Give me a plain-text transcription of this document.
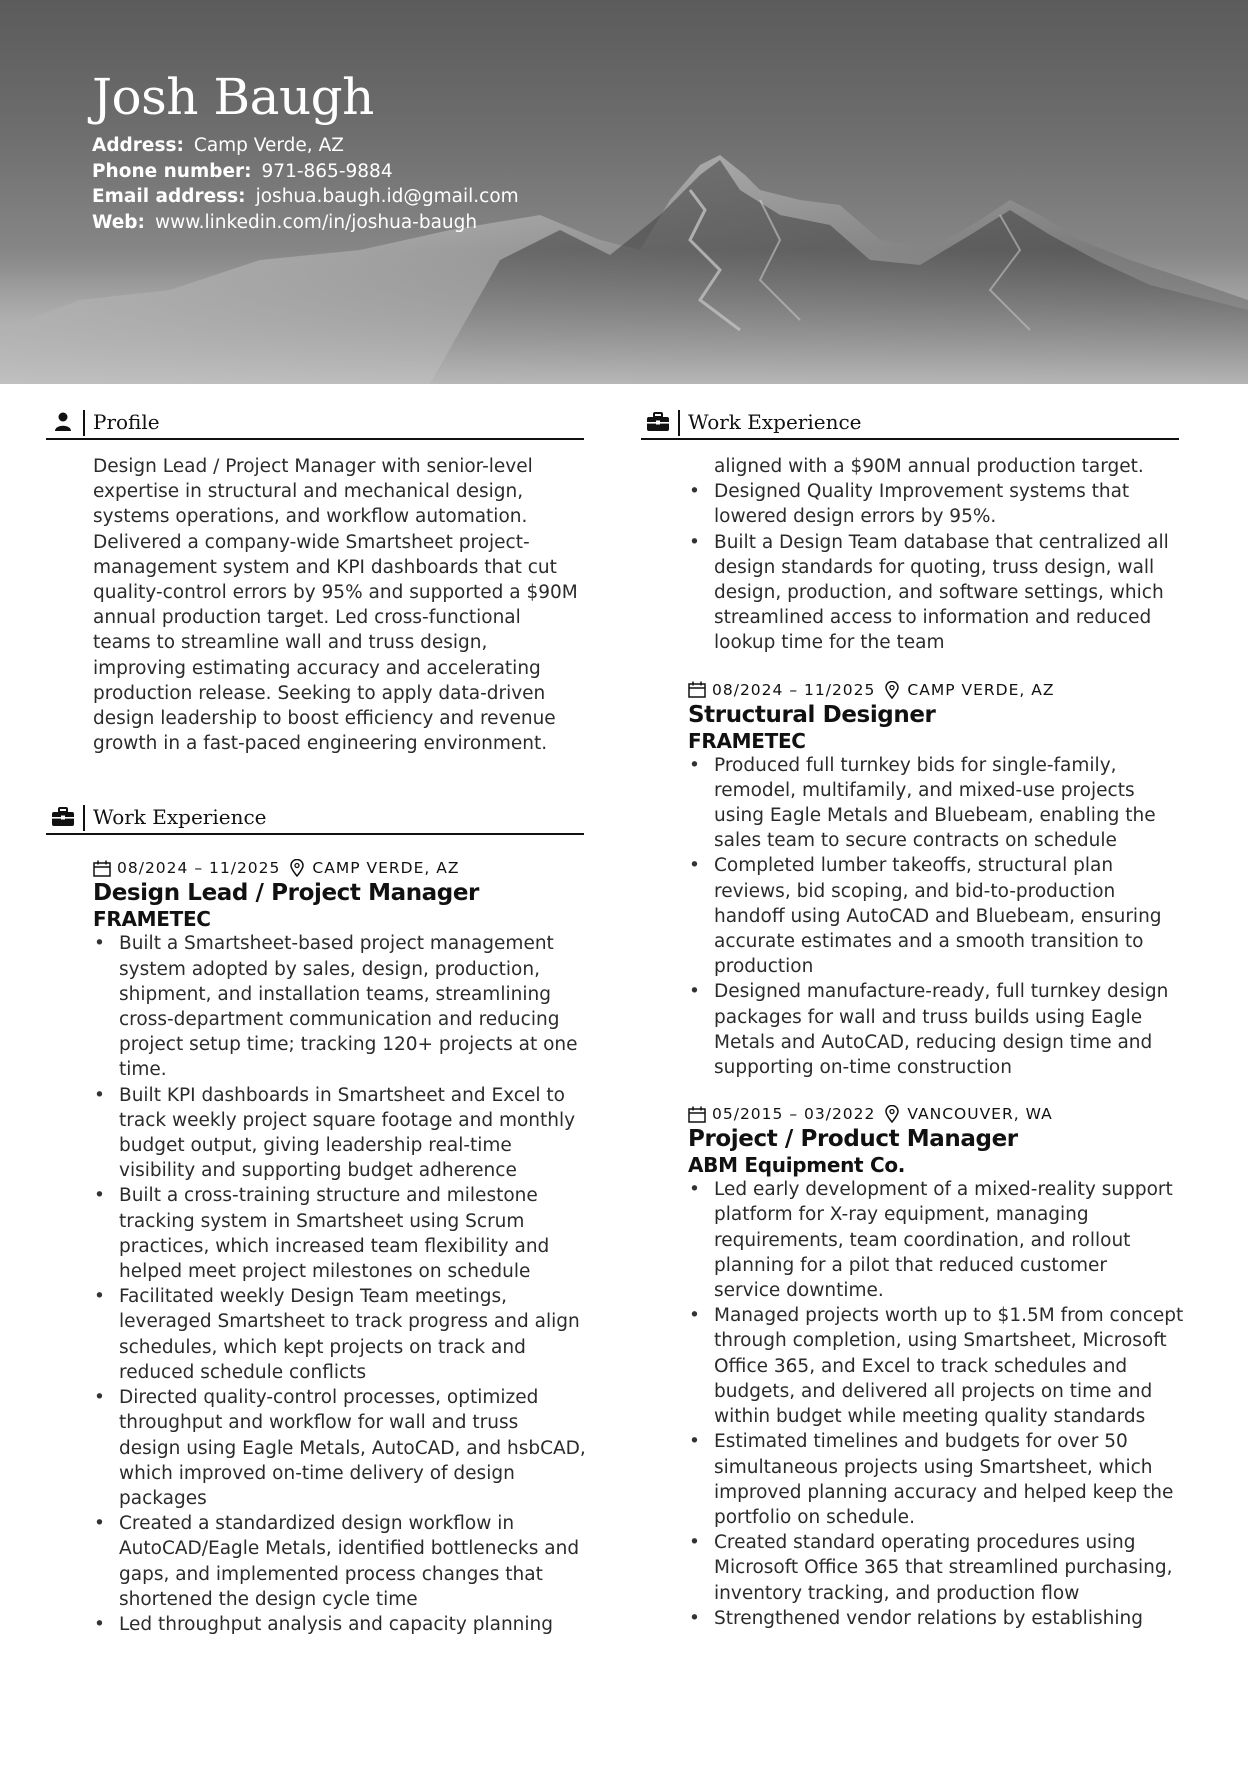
Josh Baugh
Address: Camp Verde, AZ
Phone number: 971-865-9884
Email address: joshua.baugh.id@gmail.com
Web: www.linkedin.com/in/joshua-baugh
Profile
Design Lead / Project Manager with senior-level
expertise in structural and mechanical design,
systems operations, and workflow automation.
Delivered a company-wide Smartsheet project-
management system and KPI dashboards that cut
quality-control errors by 95% and supported a $90M
annual production target. Led cross-functional
teams to streamline wall and truss design,
improving estimating accuracy and accelerating
production release. Seeking to apply data-driven
design leadership to boost efficiency and revenue
growth in a fast-paced engineering environment.
Work Experience
08/2024 – 11/2025 CAMP VERDE, AZ
Design Lead / Project Manager
FRAMETEC
• Built a Smartsheet-based project management
system adopted by sales, design, production,
shipment, and installation teams, streamlining
cross-department communication and reducing
project setup time; tracking 120+ projects at one
time.
• Built KPI dashboards in Smartsheet and Excel to
track weekly project square footage and monthly
budget output, giving leadership real-time
visibility and supporting budget adherence
• Built a cross-training structure and milestone
tracking system in Smartsheet using Scrum
practices, which increased team flexibility and
helped meet project milestones on schedule
• Facilitated weekly Design Team meetings,
leveraged Smartsheet to track progress and align
schedules, which kept projects on track and
reduced schedule conflicts
• Directed quality-control processes, optimized
throughput and workflow for wall and truss
design using Eagle Metals, AutoCAD, and hsbCAD,
which improved on-time delivery of design
packages
• Created a standardized design workflow in
AutoCAD/Eagle Metals, identified bottlenecks and
gaps, and implemented process changes that
shortened the design cycle time
• Led throughput analysis and capacity planning
Work Experience
aligned with a $90M annual production target.
• Designed Quality Improvement systems that
lowered design errors by 95%.
• Built a Design Team database that centralized all
design standards for quoting, truss design, wall
design, production, and software settings, which
streamlined access to information and reduced
lookup time for the team
08/2024 – 11/2025 CAMP VERDE, AZ
Structural Designer
FRAMETEC
• Produced full turnkey bids for single-family,
remodel, multifamily, and mixed-use projects
using Eagle Metals and Bluebeam, enabling the
sales team to secure contracts on schedule
• Completed lumber takeoffs, structural plan
reviews, bid scoping, and bid-to-production
handoff using AutoCAD and Bluebeam, ensuring
accurate estimates and a smooth transition to
production
• Designed manufacture-ready, full turnkey design
packages for wall and truss builds using Eagle
Metals and AutoCAD, reducing design time and
supporting on-time construction
05/2015 – 03/2022 VANCOUVER, WA
Project / Product Manager
ABM Equipment Co.
• Led early development of a mixed-reality support
platform for X-ray equipment, managing
requirements, team coordination, and rollout
planning for a pilot that reduced customer
service downtime.
• Managed projects worth up to $1.5M from concept
through completion, using Smartsheet, Microsoft
Office 365, and Excel to track schedules and
budgets, and delivered all projects on time and
within budget while meeting quality standards
• Estimated timelines and budgets for over 50
simultaneous projects using Smartsheet, which
improved planning accuracy and helped keep the
portfolio on schedule.
• Created standard operating procedures using
Microsoft Office 365 that streamlined purchasing,
inventory tracking, and production flow
• Strengthened vendor relations by establishing
